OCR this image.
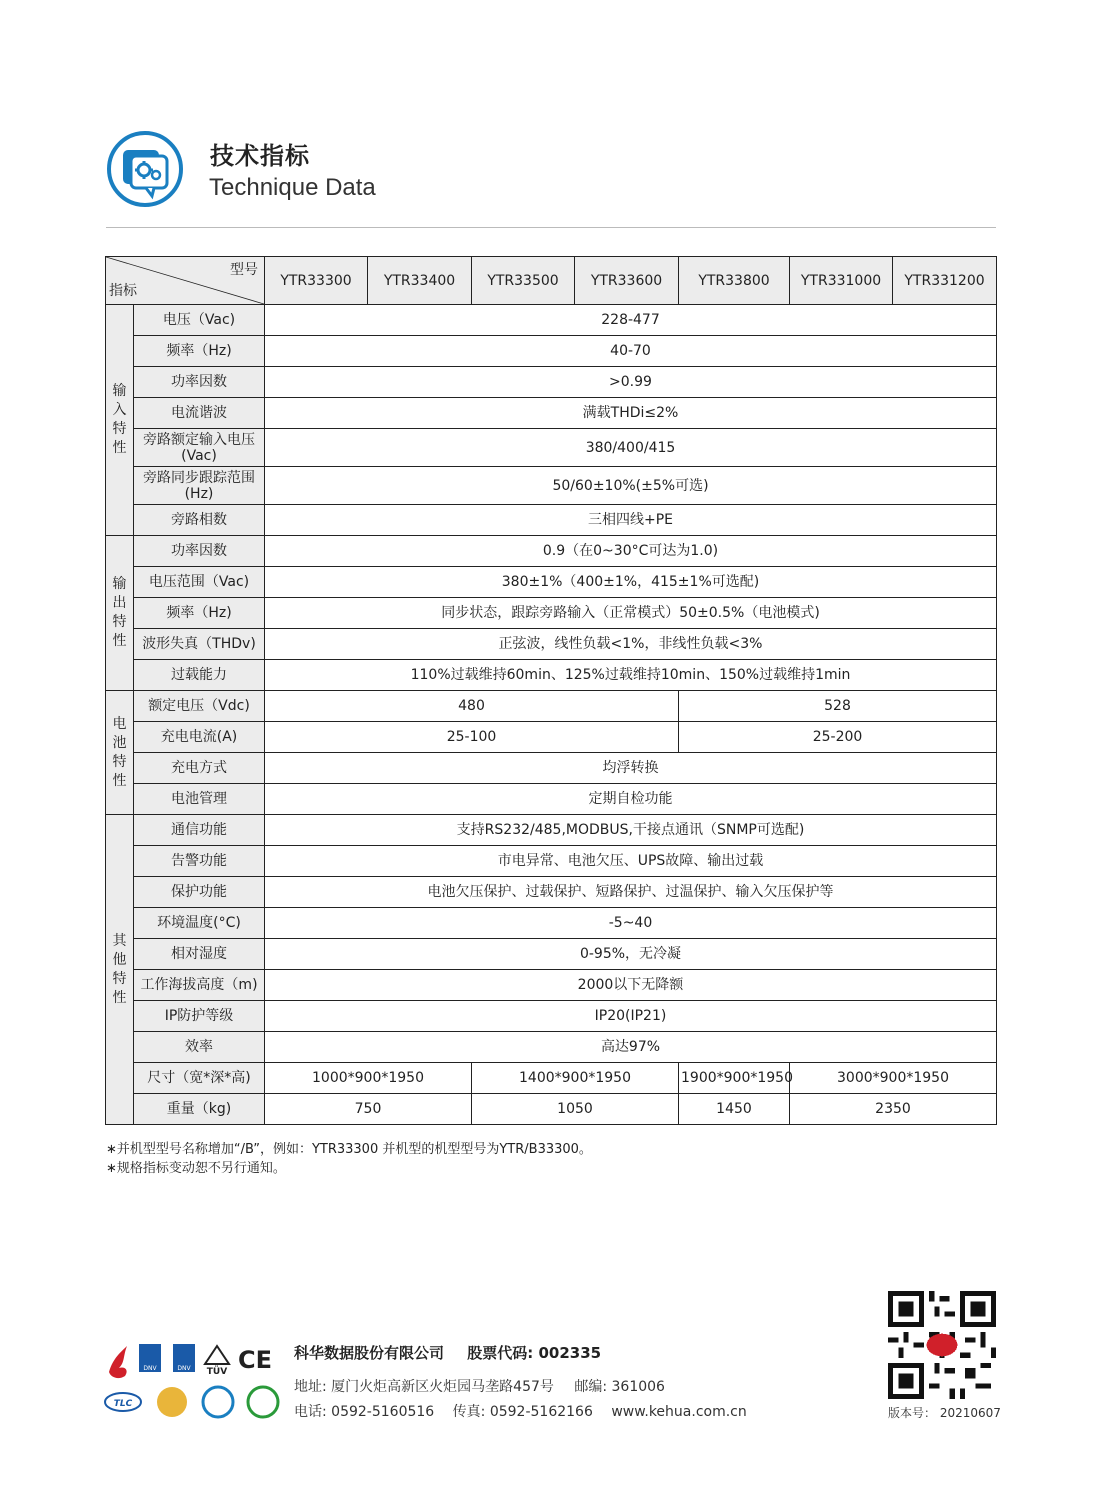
技术指标
Technique Data
型号
指标		YTR33300	YTR33400	YTR33500	YTR33600	YTR33800	YTR331000	YTR331200

输
入
特
性	电压（Vac)	228-477						
	频率（Hz)	40-70						
	功率因数	>0.99						
	电流谐波	满载THDi≤2%						
	旁路额定输入电压(Vac)	380/400/415						
	旁路同步跟踪范围(Hz)	50/60±10%(±5%可选)						
	旁路相数	三相四线+PE						

输
出
特
性	功率因数	0.9（在0~30°C可达为1.0)						
	电压范围（Vac)	380±1%（400±1%，415±1%可选配)						
	频率（Hz)	同步状态，跟踪旁路输入（正常模式）50±0.5%（电池模式)						
	波形失真（THDv)	正弦波，线性负载<1%，非线性负载<3%						
	过载能力	110%过载维持60min、125%过载维持10min、150%过载维持1min						

电
池
特
性	额定电压（Vdc)	480				528		
	充电电流(A)	25-100				25-200		
	充电方式	均浮转换						
	电池管理	定期自检功能						

其
他
特
性	通信功能	支持RS232/485,MODBUS,干接点通讯（SNMP可选配)						
	告警功能	市电异常、电池欠压、UPS故障、输出过载						
	保护功能	电池欠压保护、过载保护、短路保护、过温保护、输入欠压保护等						
	环境温度(°C)	-5~40						
	相对湿度	0-95%，无冷凝						
	工作海拔高度（m)	2000以下无降额						
	IP防护等级	IP20(IP21)						
	效率	高达97%						
	尺寸（宽*深*高)	1000*900*1950		1400*900*1950		1900*900*1950	3000*900*1950	
	重量（kg)	750		1050		1450	2350	
∗并机型型号名称增加“/B”，例如：YTR33300 并机型的机型型号为YTR/B33300。
∗规格指标变动恕不另行通知。
DNV	DNV TÜV CE
TLC
科华数据股份有限公司 股票代码: 002335
地址: 厦门火炬高新区火炬园马垄路457号 邮编: 361006
电话: 0592-5160516 传真: 0592-5162166 www.kehua.com.cn	版本号： 20210607
